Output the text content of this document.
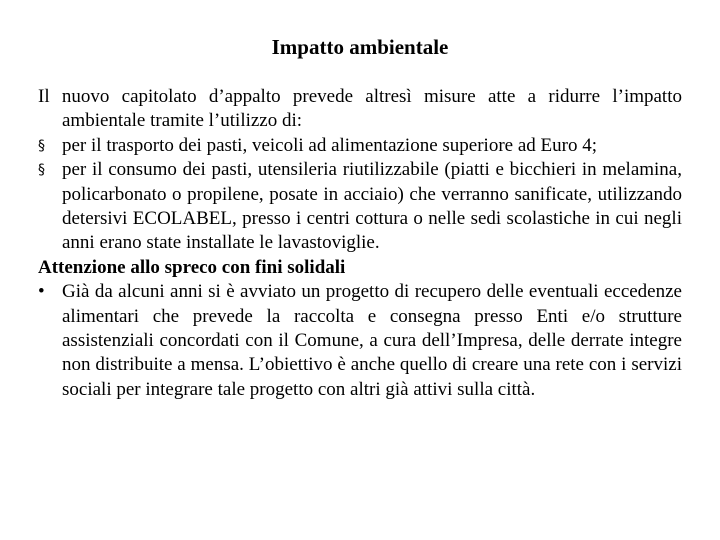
Impatto ambientale

Il nuovo capitolato d’appalto prevede altresì misure atte a ridurre l’impatto ambientale tramite l’utilizzo di:

§ per il trasporto dei pasti, veicoli ad alimentazione superiore ad Euro 4;
§ per il consumo dei pasti, utensileria riutilizzabile (piatti e bicchieri in melamina, policarbonato o propilene, posate in acciaio) che verranno sanificate, utilizzando detersivi ECOLABEL, presso i centri cottura o nelle sedi scolastiche in cui negli anni erano state installate le lavastoviglie.

Attenzione allo spreco con fini solidali

• Già da alcuni anni si è avviato un progetto di recupero delle eventuali eccedenze alimentari che prevede la raccolta e consegna presso Enti e/o strutture assistenziali concordati con il Comune, a cura dell’Impresa, delle derrate integre non distribuite a mensa. L’obiettivo è anche quello di creare una rete con i servizi sociali per integrare tale progetto con altri già attivi sulla città.
